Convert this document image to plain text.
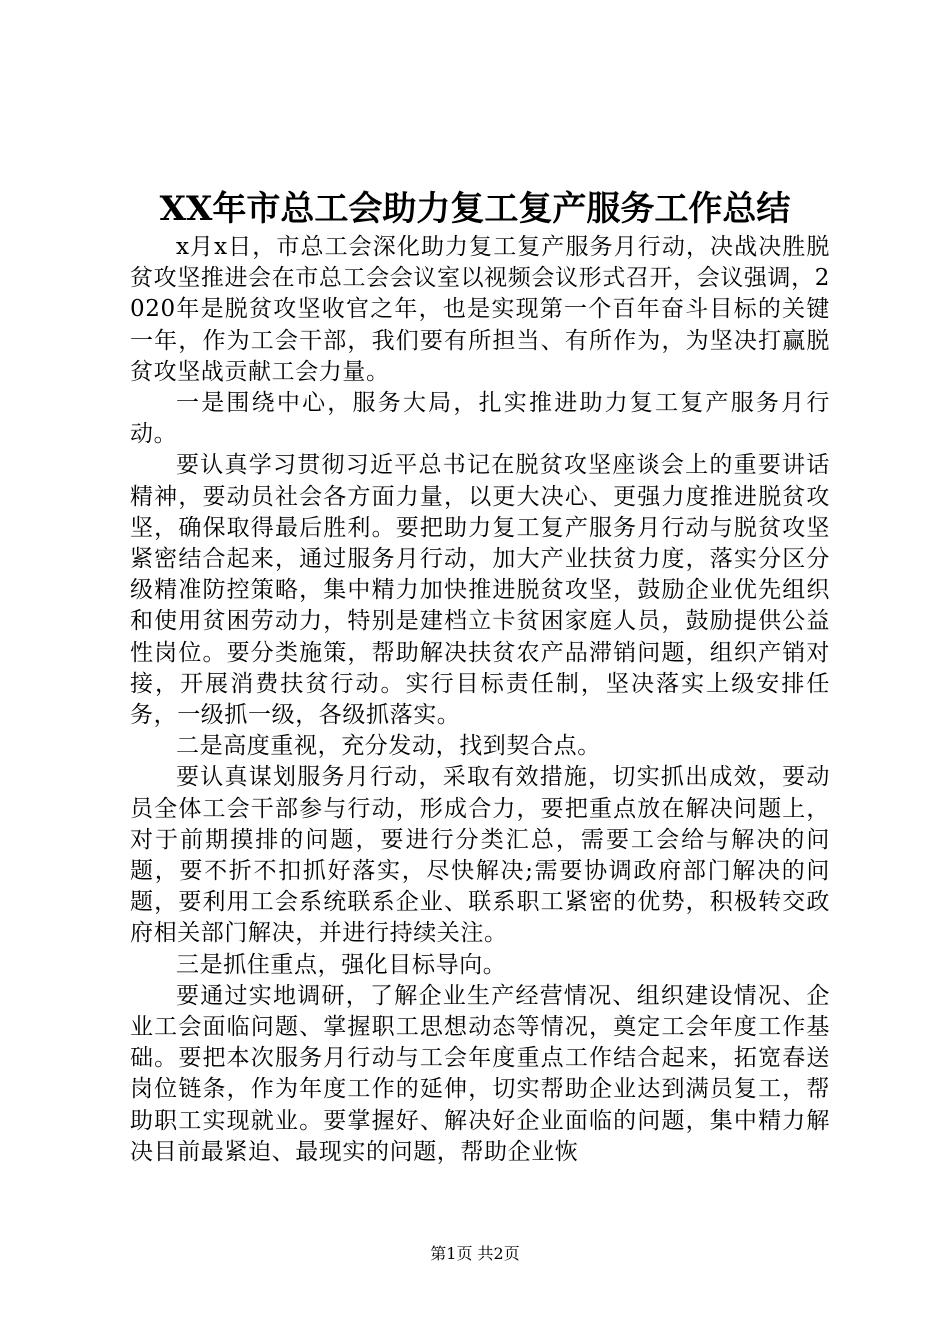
XX年市总工会助力复工复产服务工作总结

x月x日，市总工会深化助力复工复产服务月行动，决战决胜脱贫攻坚推进会在市总工会会议室以视频会议形式召开，会议强调，2020年是脱贫攻坚收官之年，也是实现第一个百年奋斗目标的关键一年，作为工会干部，我们要有所担当、有所作为，为坚决打赢脱贫攻坚战贡献工会力量。

一是围绕中心，服务大局，扎实推进助力复工复产服务月行动。

要认真学习贯彻习近平总书记在脱贫攻坚座谈会上的重要讲话精神，要动员社会各方面力量，以更大决心、更强力度推进脱贫攻坚，确保取得最后胜利。要把助力复工复产服务月行动与脱贫攻坚紧密结合起来，通过服务月行动，加大产业扶贫力度，落实分区分级精准防控策略，集中精力加快推进脱贫攻坚，鼓励企业优先组织和使用贫困劳动力，特别是建档立卡贫困家庭人员，鼓励提供公益性岗位。要分类施策，帮助解决扶贫农产品滞销问题，组织产销对接，开展消费扶贫行动。实行目标责任制，坚决落实上级安排任务，一级抓一级，各级抓落实。

二是高度重视，充分发动，找到契合点。

要认真谋划服务月行动，采取有效措施，切实抓出成效，要动员全体工会干部参与行动，形成合力，要把重点放在解决问题上，对于前期摸排的问题，要进行分类汇总，需要工会给与解决的问题，要不折不扣抓好落实，尽快解决;需要协调政府部门解决的问题，要利用工会系统联系企业、联系职工紧密的优势，积极转交政府相关部门解决，并进行持续关注。

三是抓住重点，强化目标导向。

要通过实地调研，了解企业生产经营情况、组织建设情况、企业工会面临问题、掌握职工思想动态等情况，奠定工会年度工作基础。要把本次服务月行动与工会年度重点工作结合起来，拓宽春送岗位链条，作为年度工作的延伸，切实帮助企业达到满员复工，帮助职工实现就业。要掌握好、解决好企业面临的问题，集中精力解决目前最紧迫、最现实的问题，帮助企业恢

第1页 共2页
